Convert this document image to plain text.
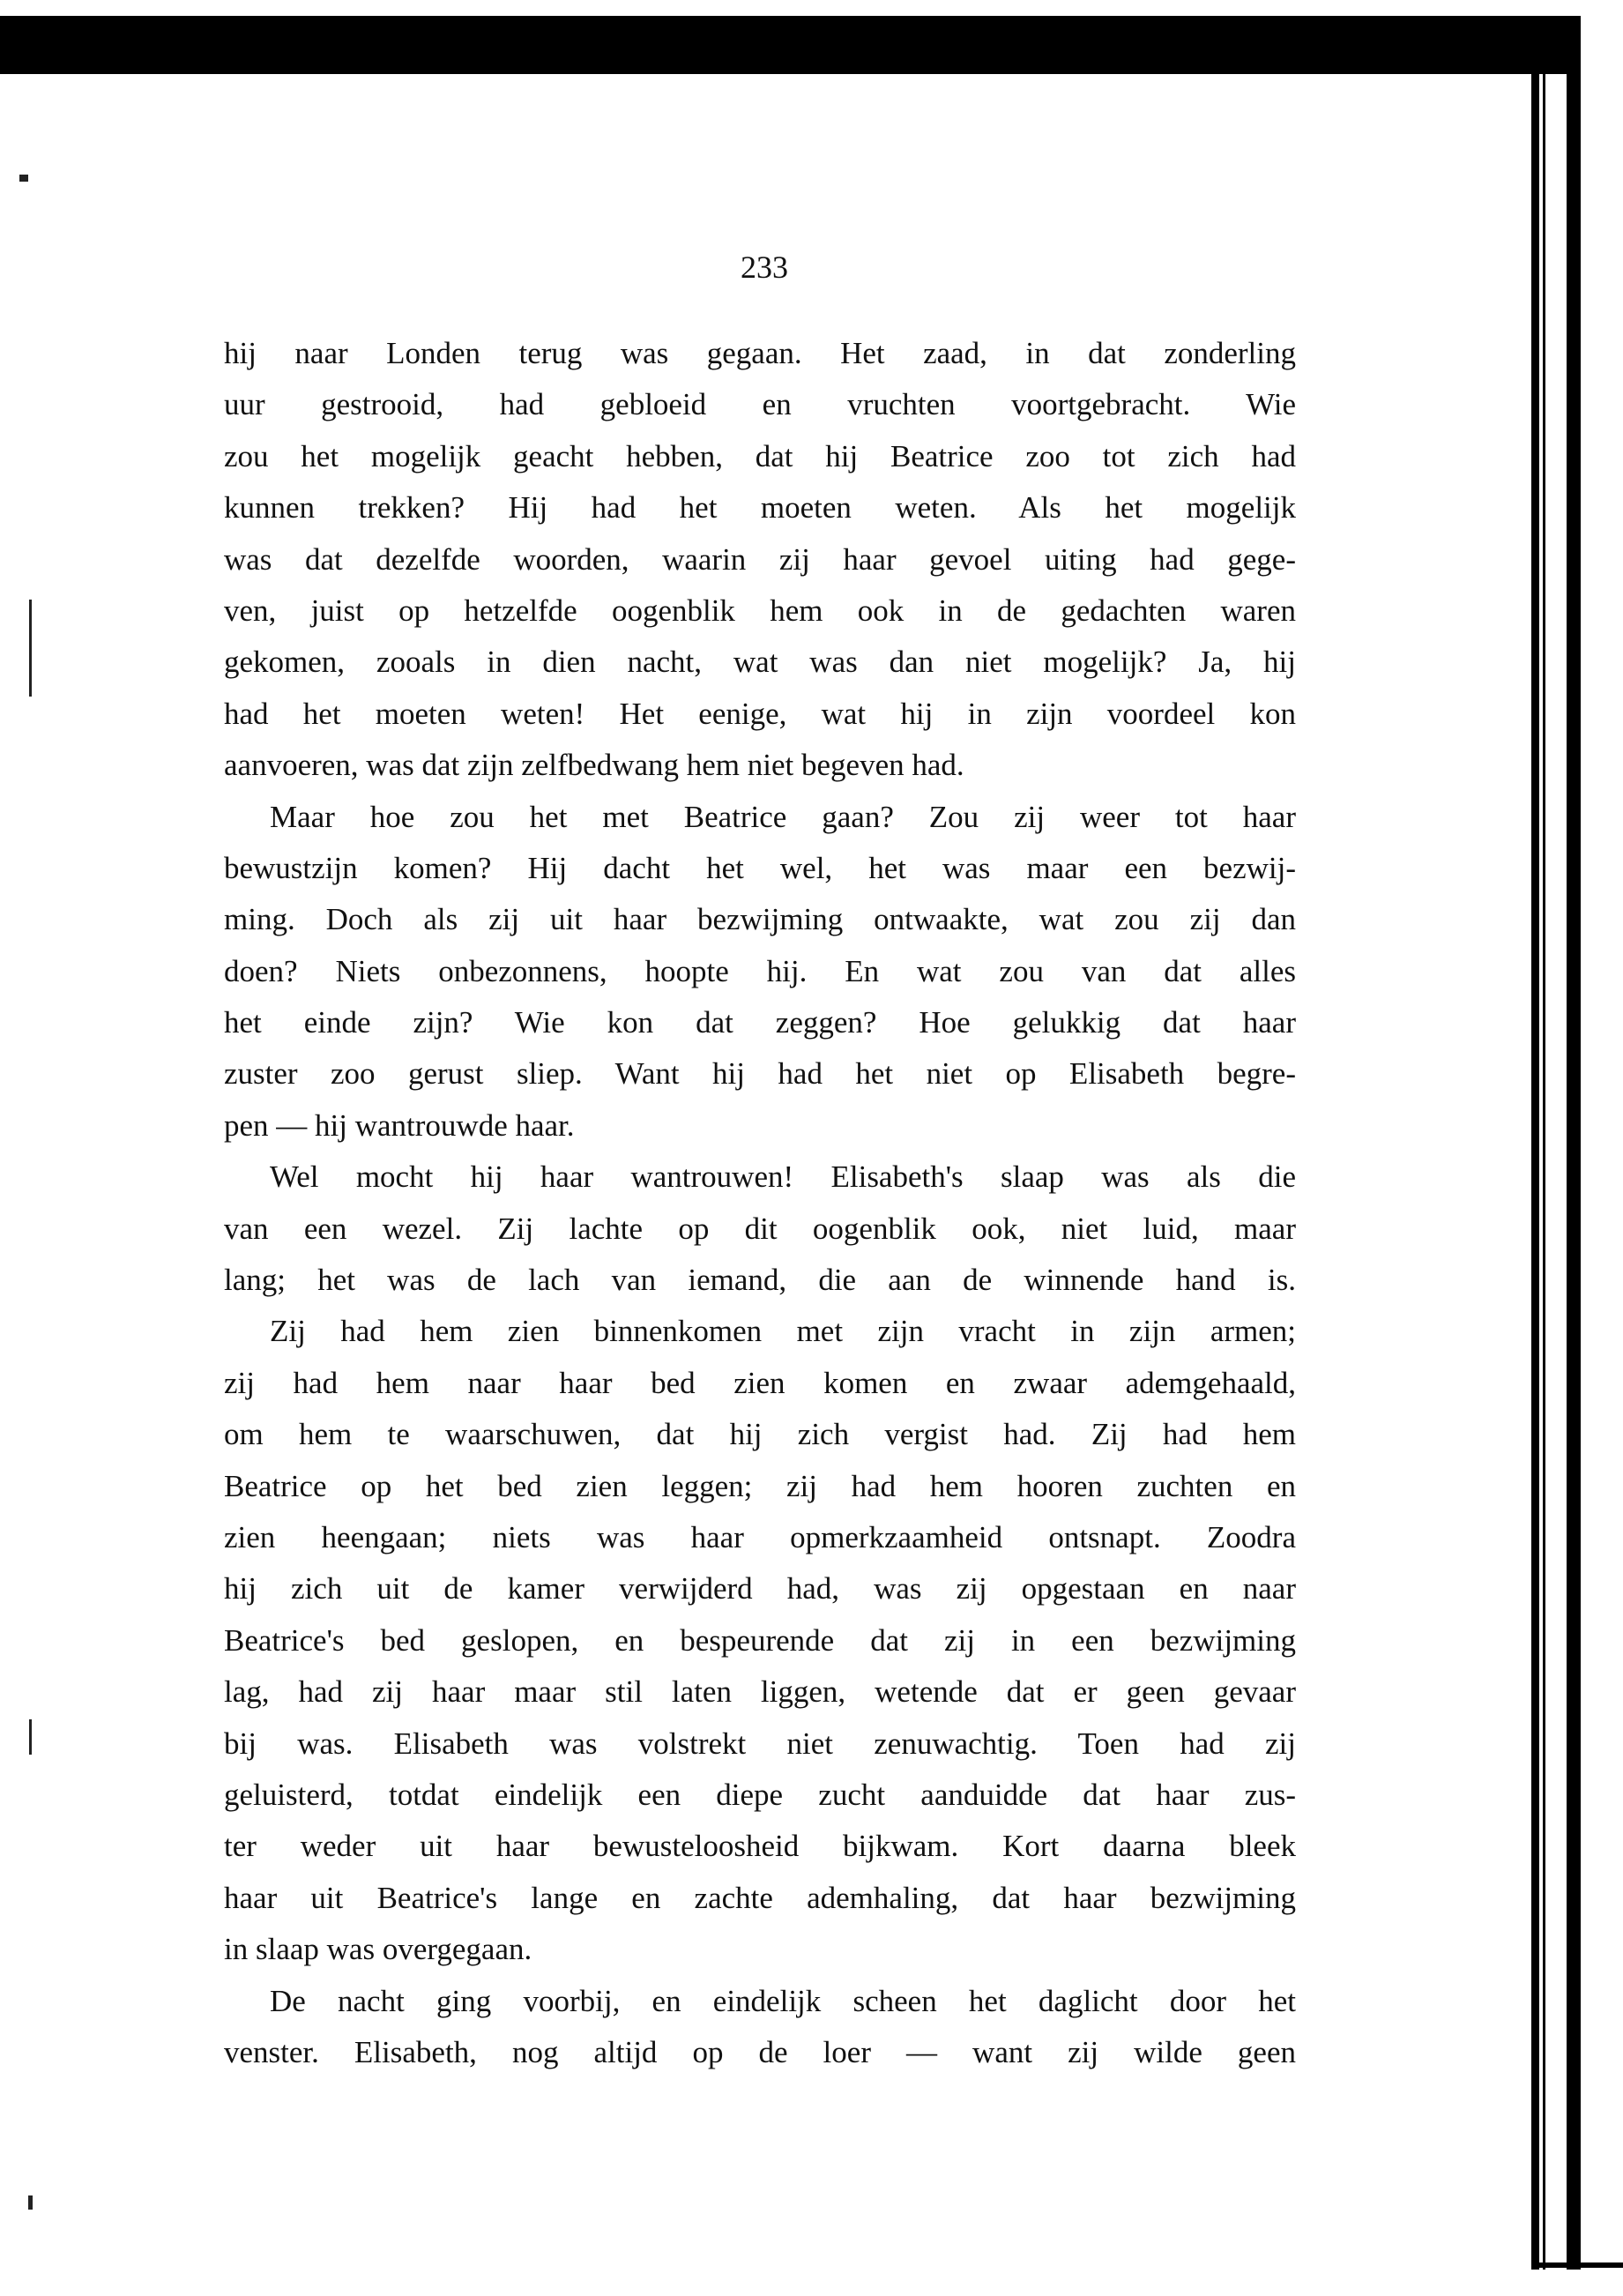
233
hij naar Londen terug was gegaan. Het zaad, in dat zonderling
uur gestrooid, had gebloeid en vruchten voortgebracht. Wie
zou het mogelijk geacht hebben, dat hij Beatrice zoo tot zich had
kunnen trekken? Hij had het moeten weten. Als het mogelijk
was dat dezelfde woorden, waarin zij haar gevoel uiting had gege-
ven, juist op hetzelfde oogenblik hem ook in de gedachten waren
gekomen, zooals in dien nacht, wat was dan niet mogelijk? Ja, hij
had het moeten weten! Het eenige, wat hij in zijn voordeel kon
aanvoeren, was dat zijn zelfbedwang hem niet begeven had.
Maar hoe zou het met Beatrice gaan? Zou zij weer tot haar
bewustzijn komen? Hij dacht het wel, het was maar een bezwij-
ming. Doch als zij uit haar bezwijming ontwaakte, wat zou zij dan
doen? Niets onbezonnens, hoopte hij. En wat zou van dat alles
het einde zijn? Wie kon dat zeggen? Hoe gelukkig dat haar
zuster zoo gerust sliep. Want hij had het niet op Elisabeth begre-
pen — hij wantrouwde haar.
Wel mocht hij haar wantrouwen! Elisabeth's slaap was als die
van een wezel. Zij lachte op dit oogenblik ook, niet luid, maar
lang; het was de lach van iemand, die aan de winnende hand is.
Zij had hem zien binnenkomen met zijn vracht in zijn armen;
zij had hem naar haar bed zien komen en zwaar ademgehaald,
om hem te waarschuwen, dat hij zich vergist had. Zij had hem
Beatrice op het bed zien leggen; zij had hem hooren zuchten en
zien heengaan; niets was haar opmerkzaamheid ontsnapt. Zoodra
hij zich uit de kamer verwijderd had, was zij opgestaan en naar
Beatrice's bed geslopen, en bespeurende dat zij in een bezwijming
lag, had zij haar maar stil laten liggen, wetende dat er geen gevaar
bij was. Elisabeth was volstrekt niet zenuwachtig. Toen had zij
geluisterd, totdat eindelijk een diepe zucht aanduidde dat haar zus-
ter weder uit haar bewusteloosheid bijkwam. Kort daarna bleek
haar uit Beatrice's lange en zachte ademhaling, dat haar bezwijming
in slaap was overgegaan.
De nacht ging voorbij, en eindelijk scheen het daglicht door het
venster. Elisabeth, nog altijd op de loer — want zij wilde geen
